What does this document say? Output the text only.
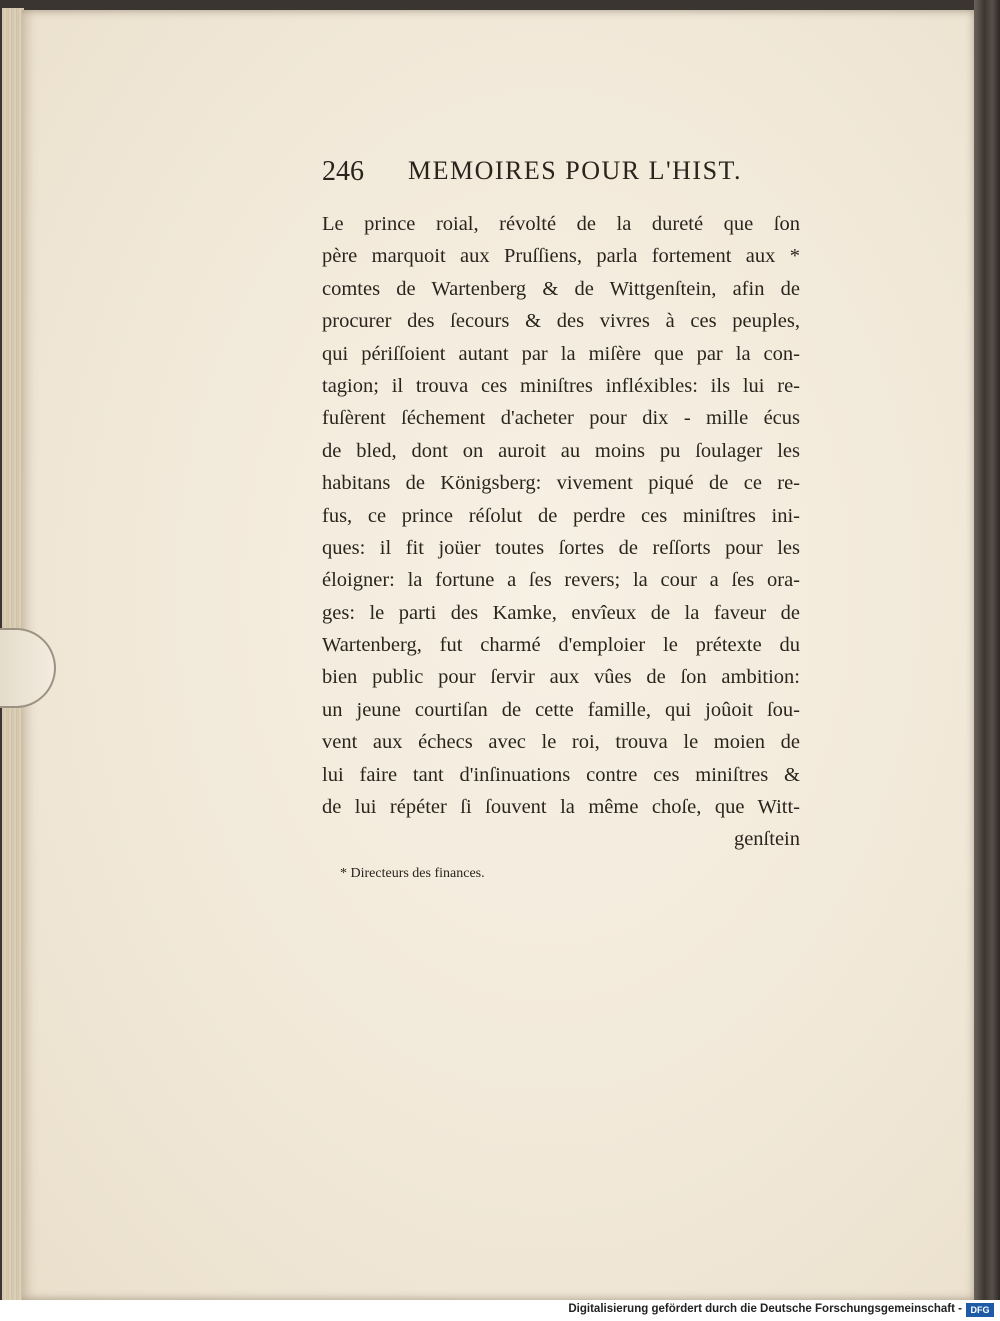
246 MEMOIRES POUR L'HIST.
Le prince roial, révolté de la dureté que ſon
père marquoit aux Pruſſiens, parla fortement aux *
comtes de Wartenberg & de Wittgenſtein, afin de
procurer des ſecours & des vivres à ces peuples,
qui périſſoient autant par la miſère que par la con-
tagion; il trouva ces miniſtres infléxibles: ils lui re-
fuſèrent ſéchement d'acheter pour dix - mille écus
de bled, dont on auroit au moins pu ſoulager les
habitans de Königsberg: vivement piqué de ce re-
fus, ce prince réſolut de perdre ces miniſtres ini-
ques: il fit joüer toutes ſortes de reſſorts pour les
éloigner: la fortune a ſes revers; la cour a ſes ora-
ges: le parti des Kamke, envîeux de la faveur de
Wartenberg, fut charmé d'emploier le prétexte du
bien public pour ſervir aux vûes de ſon ambition:
un jeune courtiſan de cette famille, qui joûoit ſou-
vent aux échecs avec le roi, trouva le moien de
lui faire tant d'inſinuations contre ces miniſtres &
de lui répéter ſi ſouvent la même choſe, que Witt-
genſtein
* Directeurs des finances.
Digitalisierung gefördert durch die Deutsche Forschungsgemeinschaft - DFG
